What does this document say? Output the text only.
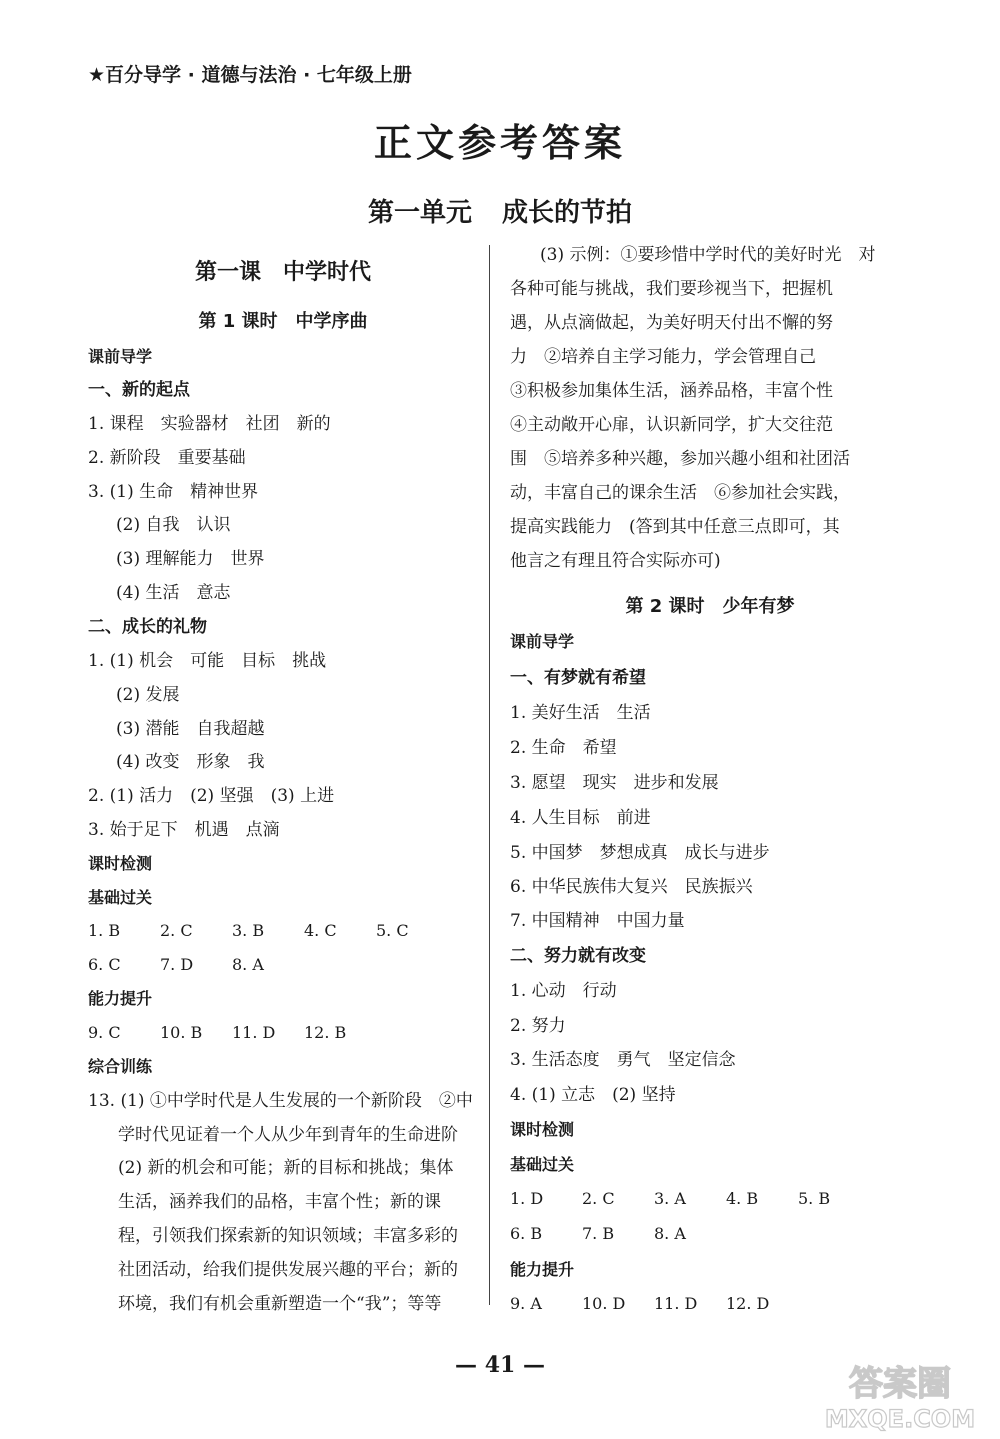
★百分导学 · 道德与法治 · 七年级上册
正文参考答案
第一单元 成长的节拍
第一课　中学时代
第 1 课时　中学序曲
课前导学
一、新的起点
1. 课程　实验器材　社团　新的
2. 新阶段　重要基础
3. (1) 生命　精神世界
(2) 自我　认识
(3) 理解能力　世界
(4) 生活　意志
二、成长的礼物
1. (1) 机会　可能　目标　挑战
(2) 发展
(3) 潜能　自我超越
(4) 改变　形象　我
2. (1) 活力　(2) 坚强　(3) 上进
3. 始于足下　机遇　点滴
课时检测
基础过关
1. B 2. C 3. B 4. C 5. C
6. C 7. D 8. A
能力提升
9. C 10. B 11. D 12. B
综合训练
13. (1) ①中学时代是人生发展的一个新阶段　②中
学时代见证着一个人从少年到青年的生命进阶
(2) 新的机会和可能；新的目标和挑战；集体
生活，涵养我们的品格，丰富个性；新的课
程，引领我们探索新的知识领域；丰富多彩的
社团活动，给我们提供发展兴趣的平台；新的
环境，我们有机会重新塑造一个“我”；等等
(3) 示例：①要珍惜中学时代的美好时光　对
各种可能与挑战，我们要珍视当下，把握机
遇，从点滴做起，为美好明天付出不懈的努
力　②培养自主学习能力，学会管理自己
③积极参加集体生活，涵养品格，丰富个性
④主动敞开心扉，认识新同学，扩大交往范
围　⑤培养多种兴趣，参加兴趣小组和社团活
动，丰富自己的课余生活　⑥参加社会实践，
提高实践能力　(答到其中任意三点即可，其
他言之有理且符合实际亦可)
第 2 课时　少年有梦
课前导学
一、有梦就有希望
1. 美好生活　生活
2. 生命　希望
3. 愿望　现实　进步和发展
4. 人生目标　前进
5. 中国梦　梦想成真　成长与进步
6. 中华民族伟大复兴　民族振兴
7. 中国精神　中国力量
二、努力就有改变
1. 心动　行动
2. 努力
3. 生活态度　勇气　坚定信念
4. (1) 立志　(2) 坚持
课时检测
基础过关
1. D 2. C 3. A	4. B 5. B
6. B 7. B 8. A
能力提升
9. A	10. D 11. D 12. D
— 41 —	答案圈
MXQE.COM
